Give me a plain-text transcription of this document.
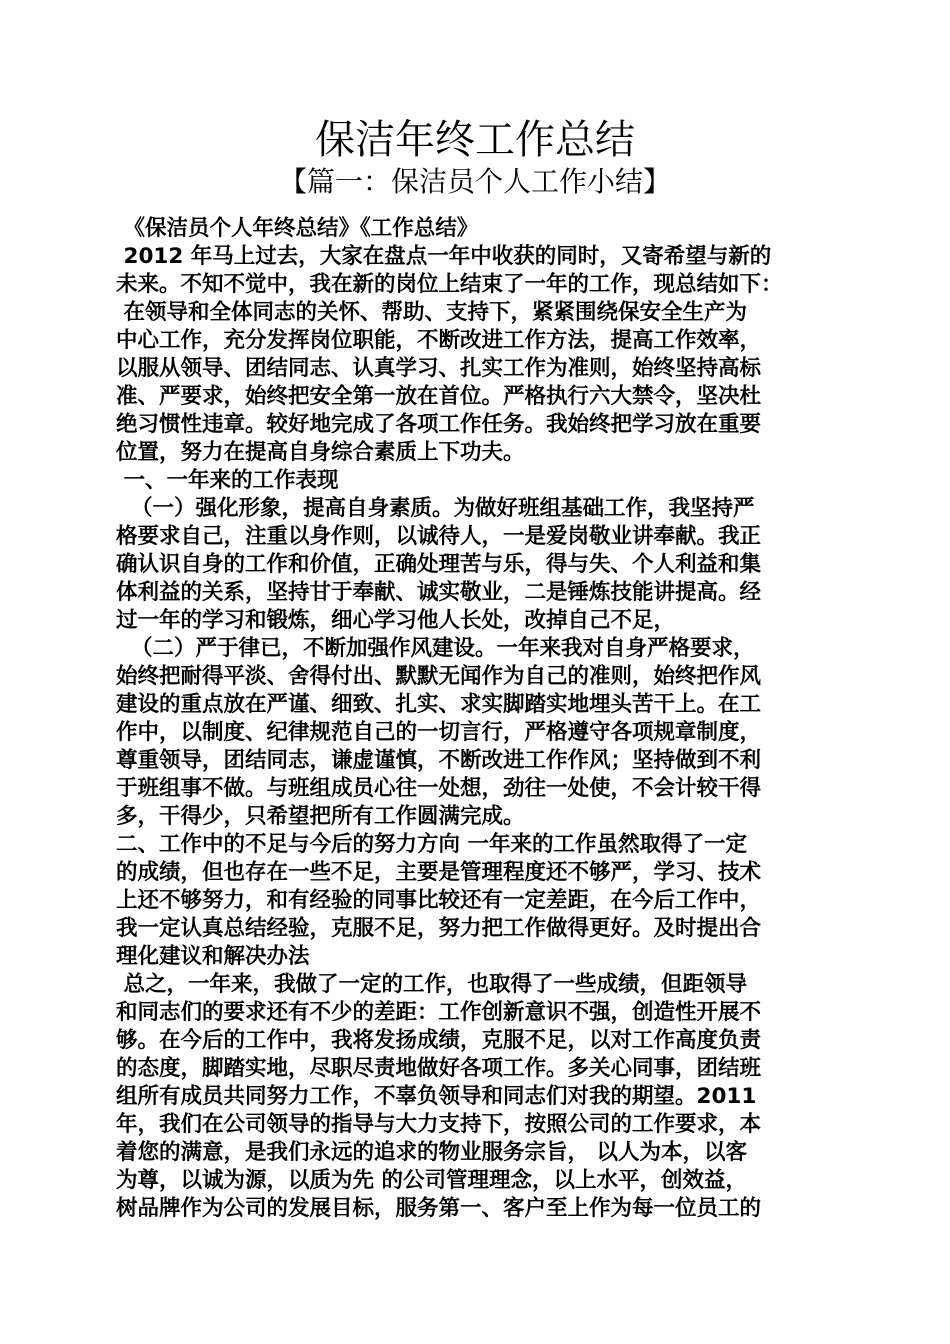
保洁年终工作总结
【篇一：保洁员个人工作小结】
《保洁员个人年终总结》《工作总结》
2012 年马上过去，大家在盘点一年中收获的同时，又寄希望与新的
未来。不知不觉中，我在新的岗位上结束了一年的工作，现总结如下：
在领导和全体同志的关怀、帮助、支持下，紧紧围绕保安全生产为
中心工作，充分发挥岗位职能，不断改进工作方法，提高工作效率，
以服从领导、团结同志、认真学习、扎实工作为准则，始终坚持高标
准、严要求，始终把安全第一放在首位。严格执行六大禁令，坚决杜
绝习惯性违章。较好地完成了各项工作任务。我始终把学习放在重要
位置，努力在提高自身综合素质上下功夫。
一、一年来的工作表现
（一）强化形象，提高自身素质。为做好班组基础工作，我坚持严
格要求自己，注重以身作则，以诚待人，一是爱岗敬业讲奉献。我正
确认识自身的工作和价值，正确处理苦与乐，得与失、个人利益和集
体利益的关系，坚持甘于奉献、诚实敬业，二是锤炼技能讲提高。经
过一年的学习和锻炼，细心学习他人长处，改掉自己不足，
（二）严于律已，不断加强作风建设。一年来我对自身严格要求，
始终把耐得平淡、舍得付出、默默无闻作为自己的准则，始终把作风
建设的重点放在严谨、细致、扎实、求实脚踏实地埋头苦干上。在工
作中，以制度、纪律规范自己的一切言行，严格遵守各项规章制度，
尊重领导，团结同志，谦虚谨慎，不断改进工作作风；坚持做到不利
于班组事不做。与班组成员心往一处想，劲往一处使，不会计较干得
多，干得少，只希望把所有工作圆满完成。
二、工作中的不足与今后的努力方向 一年来的工作虽然取得了一定
的成绩，但也存在一些不足，主要是管理程度还不够严，学习、技术
上还不够努力，和有经验的同事比较还有一定差距，在今后工作中，
我一定认真总结经验，克服不足，努力把工作做得更好。及时提出合
理化建议和解决办法
总之，一年来，我做了一定的工作，也取得了一些成绩，但距领导
和同志们的要求还有不少的差距：工作创新意识不强，创造性开展不
够。在今后的工作中，我将发扬成绩，克服不足，以对工作高度负责
的态度，脚踏实地，尽职尽责地做好各项工作。多关心同事，团结班
组所有成员共同努力工作，不辜负领导和同志们对我的期望。2011
年，我们在公司领导的指导与大力支持下，按照公司的工作要求，本
着您的满意，是我们永远的追求的物业服务宗旨， 以人为本，以客
为尊，以诚为源，以质为先 的公司管理理念，以上水平，创效益，
树品牌作为公司的发展目标，服务第一、客户至上作为每一位员工的
